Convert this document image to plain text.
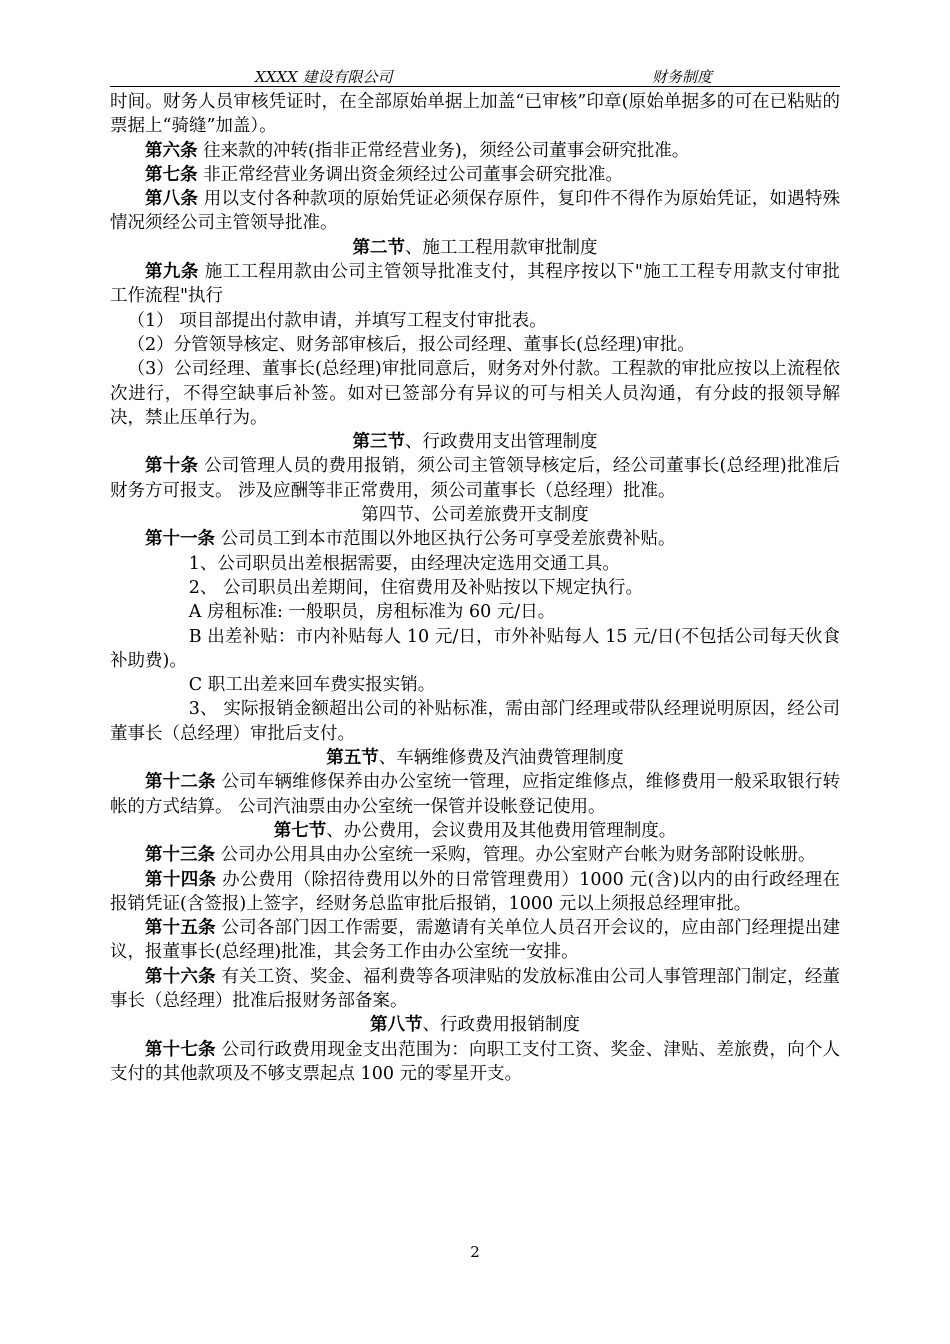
XXXX 建设有限公司	财务制度

时间。财务人员审核凭证时，在全部原始单据上加盖“已审核”印章(原始单据多的可在已粘贴的票据上“骑缝”加盖）。

第六条 往来款的冲转(指非正常经营业务)，须经公司董事会研究批准。

第七条 非正常经营业务调出资金须经过公司董事会研究批准。

第八条 用以支付各种款项的原始凭证必须保存原件，复印件不得作为原始凭证，如遇特殊情况须经公司主管领导批准。

第二节、施工工程用款审批制度

第九条 施工工程用款由公司主管领导批准支付，其程序按以下"施工工程专用款支付审批工作流程"执行

（1） 项目部提出付款申请，并填写工程支付审批表。

（2）分管领导核定、财务部审核后，报公司经理、董事长(总经理)审批。

（3）公司经理、董事长(总经理)审批同意后，财务对外付款。工程款的审批应按以上流程依次进行，不得空缺事后补签。如对已签部分有异议的可与相关人员沟通，有分歧的报领导解决，禁止压单行为。

第三节、行政费用支出管理制度

第十条 公司管理人员的费用报销，须公司主管领导核定后，经公司董事长(总经理)批准后财务方可报支。 涉及应酬等非正常费用，须公司董事长（总经理）批准。

第四节、公司差旅费开支制度

第十一条 公司员工到本市范围以外地区执行公务可享受差旅费补贴。

1、公司职员出差根据需要，由经理决定选用交通工具。

2、 公司职员出差期间，住宿费用及补贴按以下规定执行。

A 房租标准: 一般职员，房租标准为 60 元/日。

B 出差补贴：市内补贴每人 10 元/日，市外补贴每人 15 元/日(不包括公司每天伙食补助费)。

C 职工出差来回车费实报实销。

3、 实际报销金额超出公司的补贴标准，需由部门经理或带队经理说明原因，经公司董事长（总经理）审批后支付。

第五节、车辆维修费及汽油费管理制度

第十二条 公司车辆维修保养由办公室统一管理，应指定维修点，维修费用一般采取银行转帐的方式结算。 公司汽油票由办公室统一保管并设帐登记使用。

第七节、办公费用，会议费用及其他费用管理制度。

第十三条 公司办公用具由办公室统一采购，管理。办公室财产台帐为财务部附设帐册。

第十四条 办公费用（除招待费用以外的日常管理费用）1000 元(含)以内的由行政经理在报销凭证(含签报)上签字，经财务总监审批后报销，1000 元以上须报总经理审批。

第十五条 公司各部门因工作需要，需邀请有关单位人员召开会议的，应由部门经理提出建议，报董事长(总经理)批准，其会务工作由办公室统一安排。

第十六条 有关工资、奖金、福利费等各项津贴的发放标准由公司人事管理部门制定，经董事长（总经理）批准后报财务部备案。

第八节、行政费用报销制度

第十七条 公司行政费用现金支出范围为：向职工支付工资、奖金、津贴、差旅费，向个人支付的其他款项及不够支票起点 100 元的零星开支。

2
